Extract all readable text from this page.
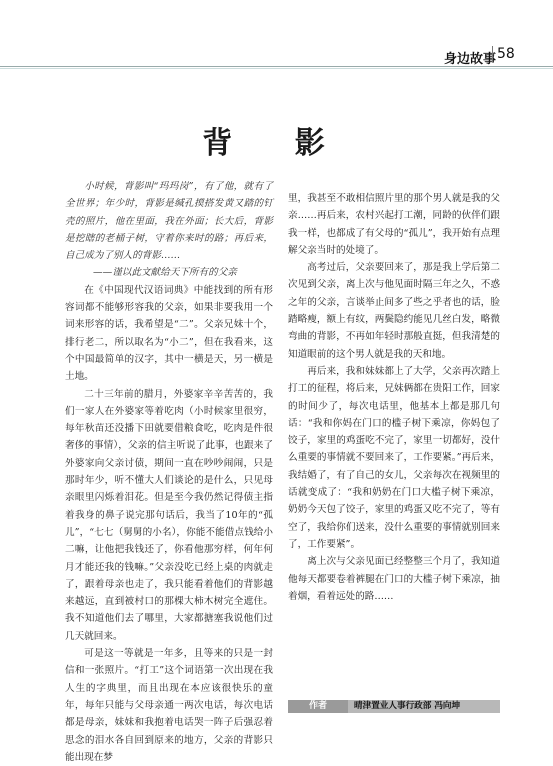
身边故事 58
背 影

小时候，背影叫“玛玛岗”，有了他，就有了全世界；年少时，背影是缄孔摸搭发黄又踏的钉壳的照片，他在里面，我在外面；长大后，背影是挖瞎的老桶子树，守着你来时的路；再后来，自己成为了别人的背影……

——谨以此文献给天下所有的父亲

在《中国现代汉语词典》中能找到的所有形容词都不能够形容我的父亲，如果非要我用一个词来形容的话，我希望是“二”。父亲兄妹十个，排行老二，所以取名为“小二”，但在我看来，这个中国最简单的汉字，其中一横是天，另一横是土地。

二十三年前的腊月，外婆家辛辛苦苦的，我们一家人在外婆家等着吃肉（小时候家里很穷，每年秋苗还没播下田就要借粮食吃，吃肉是件很奢侈的事情），父亲的信主听说了此事，也跟来了外婆家向父亲讨债，期间一直在吵吵闹闹，只是那时年少，听不懂大人们谈论的是什么，只见母亲眼里闪烁着泪花。但是至今我仍然记得债主指着我身的鼻子说完那句话后，我当了10年的“孤儿”，“七七（舅舅的小名），你能不能借点钱给小二嘛，让他把我钱还了，你看他那穷样，何年何月才能还我的钱嘛。”父亲没吃已经上桌的肉就走了，跟着母亲也走了，我只能看着他们的背影越来越远，直到被村口的那棵大柿木树完全遮住。我不知道他们去了哪里，大家都搪塞我说他们过几天就回来。

可是这一等就是一年多，且等来的只是一封信和一张照片。“打工”这个词语第一次出现在我人生的字典里，而且出现在本应该很快乐的童年，每年只能与父母亲通一两次电话，每次电话都是母亲，妹妹和我抱着电话哭一阵子后强忍着思念的泪水各自回到原来的地方，父亲的背影只能出现在梦

里，我甚至不敢相信照片里的那个男人就是我的父亲……再后来，农村兴起打工潮，同龄的伙伴们跟我一样，也都成了有父母的“孤儿”，我开始有点理解父亲当时的处境了。

高考过后，父亲要回来了，那是我上学后第二次见到父亲，离上次与他见面时隔三年之久，不惑之年的父亲，言谈举止间多了些之乎者也的话，脸踏略瘦，额上有纹，两鬓隐约能见几丝白发，略微弯曲的背影，不再如年轻时那般直挺，但我清楚的知道眼前的这个男人就是我的天和地。

再后来，我和妹妹都上了大学，父亲再次踏上打工的征程，将后来，兄妹俩都在贵阳工作，回家的时间少了，每次电话里，他基本上都是那几句话：“我和你妈在门口的槛子树下乘凉，你妈包了饺子，家里的鸡蛋吃不完了，家里一切都好，没什么重要的事情就不要回来了，工作要紧。”再后来，我结婚了，有了自己的女儿，父亲每次在视频里的话就变成了：“我和奶奶在门口大槛子树下乘凉，奶奶今天包了饺子，家里的鸡蛋又吃不完了，等有空了，我给你们送来，没什么重要的事情就别回来了，工作要紧”。

离上次与父亲见面已经整整三个月了，我知道他每天都要卷着裤腿在门口的大槛子树下乘凉，抽着烟，看着远处的路……

作者	晴津置业人事行政部 冯向坤
